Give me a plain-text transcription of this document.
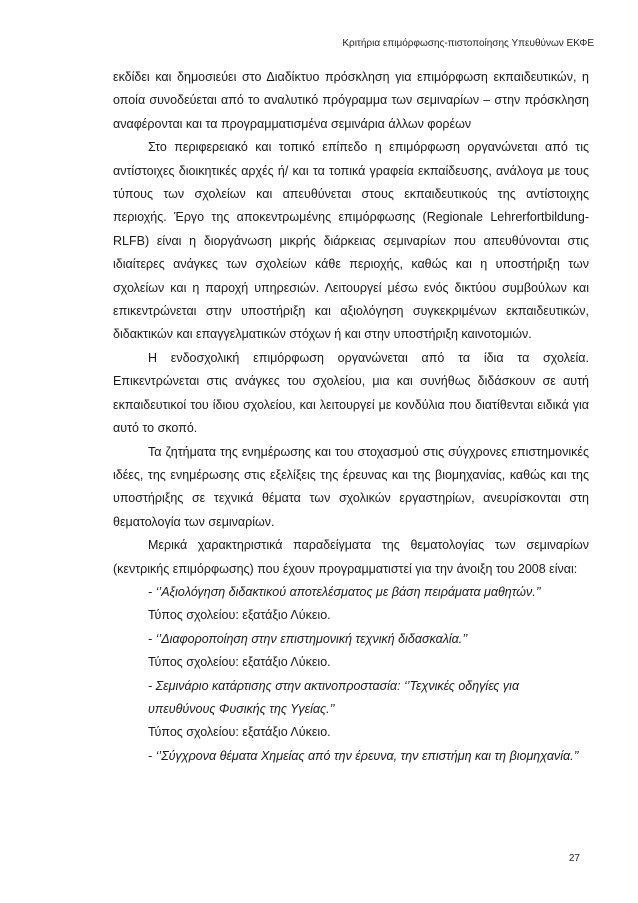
Κριτήρια επιμόρφωσης-πιστοποίησης Υπευθύνων ΕΚΦΕ

εκδίδει και δημοσιεύει στο Διαδίκτυο πρόσκληση για επιμόρφωση εκπαιδευτικών, η οποία συνοδεύεται από το αναλυτικό πρόγραμμα των σεμιναρίων – στην πρόσκληση αναφέρονται και τα προγραμματισμένα σεμινάρια άλλων φορέων

Στο περιφερειακό και τοπικό επίπεδο η επιμόρφωση οργανώνεται από τις αντίστοιχες διοικητικές αρχές ή/ και τα τοπικά γραφεία εκπαίδευσης, ανάλογα με τους τύπους των σχολείων και απευθύνεται στους εκπαιδευτικούς της αντίστοιχης περιοχής. Έργο της αποκεντρωμένης επιμόρφωσης (Regionale Lehrerfortbildung- RLFB) είναι η διοργάνωση μικρής διάρκειας σεμιναρίων που απευθύνονται στις ιδιαίτερες ανάγκες των σχολείων κάθε περιοχής, καθώς και η υποστήριξη των σχολείων και η παροχή υπηρεσιών. Λειτουργεί μέσω ενός δικτύου συμβούλων και επικεντρώνεται στην υποστήριξη και αξιολόγηση συγκεκριμένων εκπαιδευτικών, διδακτικών και επαγγελματικών στόχων ή και στην υποστήριξη καινοτομιών.

Η ενδοσχολική επιμόρφωση οργανώνεται από τα ίδια τα σχολεία. Επικεντρώνεται στις ανάγκες του σχολείου, μια και συνήθως διδάσκουν σε αυτή εκπαιδευτικοί του ίδιου σχολείου, και λειτουργεί με κονδύλια που διατίθενται ειδικά για αυτό το σκοπό.

Τα ζητήματα της ενημέρωσης και του στοχασμού στις σύγχρονες επιστημονικές ιδέες, της ενημέρωσης στις εξελίξεις της έρευνας και της βιομηχανίας, καθώς και της υποστήριξης σε τεχνικά θέματα των σχολικών εργαστηρίων, ανευρίσκονται στη θεματολογία των σεμιναρίων.

Μερικά χαρακτηριστικά παραδείγματα της θεματολογίας των σεμιναρίων (κεντρικής επιμόρφωσης) που έχουν προγραμματιστεί για την άνοιξη του 2008 είναι:

- ‘’Αξιολόγηση διδακτικού αποτελέσματος με βάση πειράματα μαθητών.’’
Τύπος σχολείου: εξατάξιο Λύκειο.
- ‘’Διαφοροποίηση στην επιστημονική τεχνική διδασκαλία.’’
Τύπος σχολείου: εξατάξιο Λύκειο.
- Σεμινάριο κατάρτισης στην ακτινοπροστασία: ‘’Τεχνικές οδηγίες για υπευθύνους Φυσικής της Υγείας.’’
Τύπος σχολείου: εξατάξιο Λύκειο.
- ‘’Σύγχρονα θέματα Χημείας από την έρευνα, την επιστήμη και τη βιομηχανία.’’
27
